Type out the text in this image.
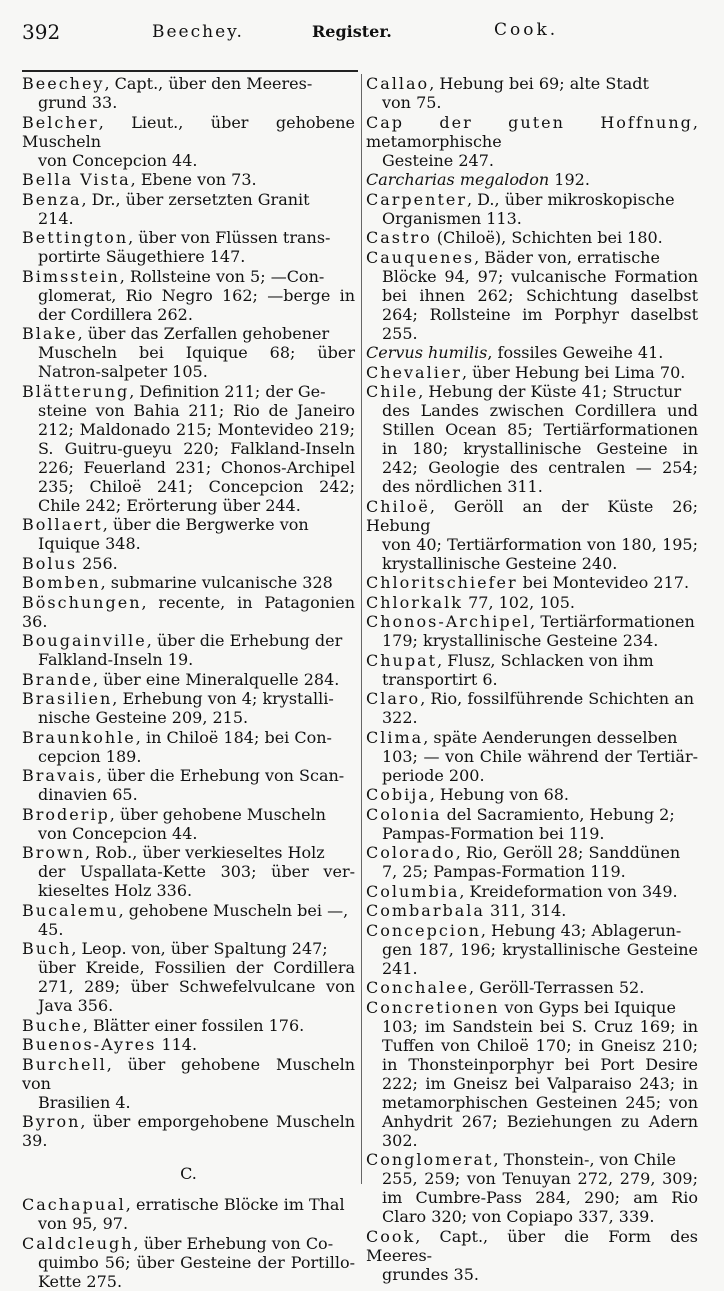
392	Beechey.	Register.	Cook.
Beechey, Capt., über den Meeres-
grund 33.
Belcher, Lieut., über gehobene Muscheln
von Concepcion 44.
Bella Vista, Ebene von 73.
Benza, Dr., über zersetzten Granit
214.
Bettington, über von Flüssen trans-
portirte Säugethiere 147.
Bimsstein, Rollsteine von 5; —Con-
glomerat, Rio Negro 162; —berge in der Cordillera 262.
Blake, über das Zerfallen gehobener
Muscheln bei Iquique 68; über Natron-salpeter 105.
Blätterung, Definition 211; der Ge-
steine von Bahia 211; Rio de Janeiro 212; Maldonado 215; Montevideo 219; S. Guitru-gueyu 220; Falkland-Inseln 226; Feuerland 231; Chonos-Archipel 235; Chiloë 241; Concepcion 242; Chile 242; Erörterung über 244.
Bollaert, über die Bergwerke von
Iquique 348.
Bolus 256.
Bomben, submarine vulcanische 328
Böschungen, recente, in Patagonien 36.
Bougainville, über die Erhebung der
Falkland-Inseln 19.
Brande, über eine Mineralquelle 284.
Brasilien, Erhebung von 4; krystalli-
nische Gesteine 209, 215.
Braunkohle, in Chiloë 184; bei Con-
cepcion 189.
Bravais, über die Erhebung von Scan-
dinavien 65.
Broderip, über gehobene Muscheln
von Concepcion 44.
Brown, Rob., über verkieseltes Holz
der Uspallata-Kette 303; über ver-kieseltes Holz 336.
Bucalemu, gehobene Muscheln bei —,
45.
Buch, Leop. von, über Spaltung 247;
über Kreide, Fossilien der Cordillera 271, 289; über Schwefelvulcane von Java 356.
Buche, Blätter einer fossilen 176.
Buenos-Ayres 114.
Burchell, über gehobene Muscheln von
Brasilien 4.
Byron, über emporgehobene Muscheln 39.
C.
Cachapual, erratische Blöcke im Thal
von 95, 97.
Caldcleugh, über Erhebung von Co-
quimbo 56; über Gesteine der Portillo-Kette 275.
Callao, Hebung bei 69; alte Stadt
von 75.
Cap der guten Hoffnung, metamorphische
Gesteine 247.
Carcharias megalodon 192.
Carpenter, D., über mikroskopische
Organismen 113.
Castro (Chiloë), Schichten bei 180.
Cauquenes, Bäder von, erratische
Blöcke 94, 97; vulcanische Formation bei ihnen 262; Schichtung daselbst 264; Rollsteine im Porphyr daselbst 255.
Cervus humilis, fossiles Geweihe 41.
Chevalier, über Hebung bei Lima 70.
Chile, Hebung der Küste 41; Structur
des Landes zwischen Cordillera und Stillen Ocean 85; Tertiärformationen in 180; krystallinische Gesteine in 242; Geologie des centralen — 254; des nördlichen 311.
Chiloë, Geröll an der Küste 26; Hebung
von 40; Tertiärformation von 180, 195; krystallinische Gesteine 240.
Chloritschiefer bei Montevideo 217.
Chlorkalk 77, 102, 105.
Chonos-Archipel, Tertiärformationen
179; krystallinische Gesteine 234.
Chupat, Flusz, Schlacken von ihm
transportirt 6.
Claro, Rio, fossilführende Schichten an
322.
Clima, späte Aenderungen desselben
103; — von Chile während der Tertiär-periode 200.
Cobija, Hebung von 68.
Colonia del Sacramiento, Hebung 2;
Pampas-Formation bei 119.
Colorado, Rio, Geröll 28; Sanddünen
7, 25; Pampas-Formation 119.
Columbia, Kreideformation von 349.
Combarbala 311, 314.
Concepcion, Hebung 43; Ablagerun-
gen 187, 196; krystallinische Gesteine 241.
Conchalee, Geröll-Terrassen 52.
Concretionen von Gyps bei Iquique
103; im Sandstein bei S. Cruz 169; in Tuffen von Chiloë 170; in Gneisz 210; in Thonsteinporphyr bei Port Desire 222; im Gneisz bei Valparaiso 243; in metamorphischen Gesteinen 245; von Anhydrit 267; Beziehungen zu Adern 302.
Conglomerat, Thonstein-, von Chile
255, 259; von Tenuyan 272, 279, 309; im Cumbre-Pass 284, 290; am Rio Claro 320; von Copiapo 337, 339.
Cook, Capt., über die Form des Meeres-
grundes 35.
